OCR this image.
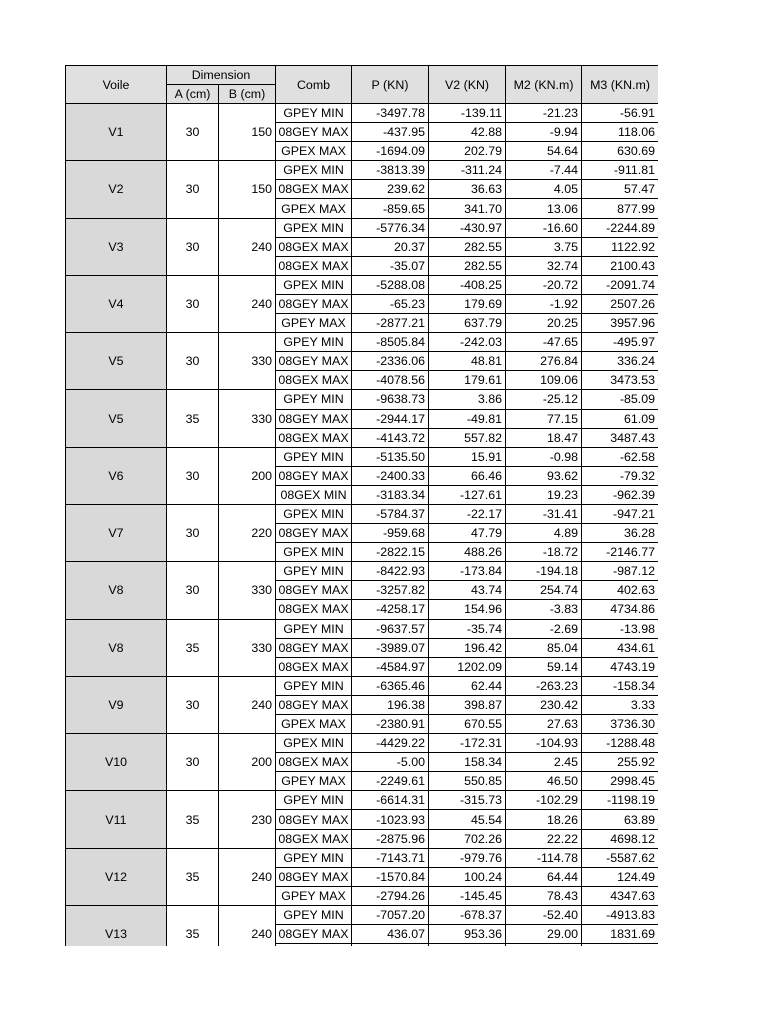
Voile	Dimension		Comb	P (KN)	V2 (KN)	M2 (KN.m)	M3 (KN.m)
	A (cm)	B (cm)					
V1	30	150	GPEY MIN	-3497.78	-139.11	-21.23	-56.91
			08GEY MAX	-437.95	42.88	-9.94	118.06
			GPEX MAX	-1694.09	202.79	54.64	630.69
V2	30	150	GPEX MIN	-3813.39	-311.24	-7.44	-911.81
			08GEX MAX	239.62	36.63	4.05	57.47
			GPEX MAX	-859.65	341.70	13.06	877.99
V3	30	240	GPEX MIN	-5776.34	-430.97	-16.60	-2244.89
			08GEX MAX	20.37	282.55	3.75	1122.92
			08GEX MAX	-35.07	282.55	32.74	2100.43
V4	30	240	GPEX MIN	-5288.08	-408.25	-20.72	-2091.74
			08GEY MAX	-65.23	179.69	-1.92	2507.26
			GPEY MAX	-2877.21	637.79	20.25	3957.96
V5	30	330	GPEY MIN	-8505.84	-242.03	-47.65	-495.97
			08GEY MAX	-2336.06	48.81	276.84	336.24
			08GEX MAX	-4078.56	179.61	109.06	3473.53
V5	35	330	GPEY MIN	-9638.73	3.86	-25.12	-85.09
			08GEY MAX	-2944.17	-49.81	77.15	61.09
			08GEX MAX	-4143.72	557.82	18.47	3487.43
V6	30	200	GPEY MIN	-5135.50	15.91	-0.98	-62.58
			08GEY MAX	-2400.33	66.46	93.62	-79.32
			08GEX MIN	-3183.34	-127.61	19.23	-962.39
V7	30	220	GPEX MIN	-5784.37	-22.17	-31.41	-947.21
			08GEY MAX	-959.68	47.79	4.89	36.28
			GPEX MIN	-2822.15	488.26	-18.72	-2146.77
V8	30	330	GPEY MIN	-8422.93	-173.84	-194.18	-987.12
			08GEY MAX	-3257.82	43.74	254.74	402.63
			08GEX MAX	-4258.17	154.96	-3.83	4734.86
V8	35	330	GPEY MIN	-9637.57	-35.74	-2.69	-13.98
			08GEY MAX	-3989.07	196.42	85.04	434.61
			08GEX MAX	-4584.97	1202.09	59.14	4743.19
V9	30	240	GPEY MIN	-6365.46	62.44	-263.23	-158.34
			08GEY MAX	196.38	398.87	230.42	3.33
			GPEX MAX	-2380.91	670.55	27.63	3736.30
V10	30	200	GPEX MIN	-4429.22	-172.31	-104.93	-1288.48
			08GEX MAX	-5.00	158.34	2.45	255.92
			GPEY MAX	-2249.61	550.85	46.50	2998.45
V11	35	230	GPEY MIN	-6614.31	-315.73	-102.29	-1198.19
			08GEY MAX	-1023.93	45.54	18.26	63.89
			08GEX MAX	-2875.96	702.26	22.22	4698.12
V12	35	240	GPEY MIN	-7143.71	-979.76	-114.78	-5587.62
			08GEY MAX	-1570.84	100.24	64.44	124.49
			GPEY MAX	-2794.26	-145.45	78.43	4347.63
V13	35	240	GPEY MIN	-7057.20	-678.37	-52.40	-4913.83
			08GEY MAX	436.07	953.36	29.00	1831.69
